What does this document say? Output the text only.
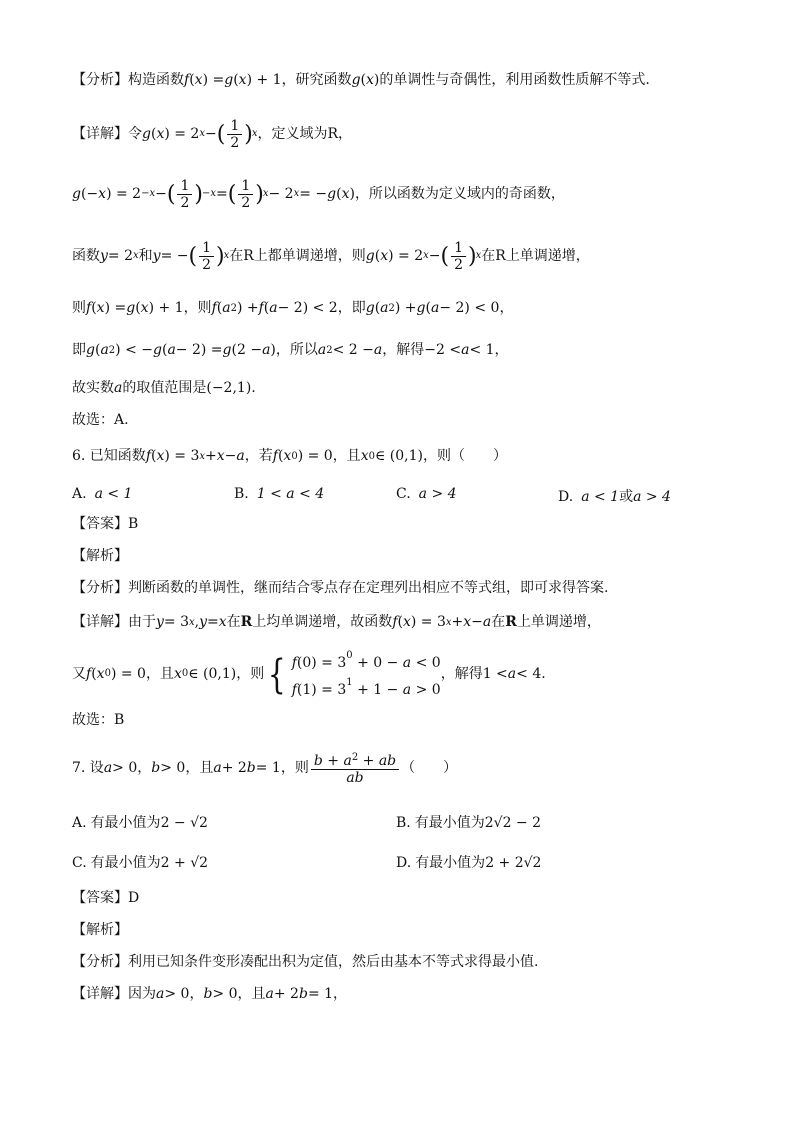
【分析】 构造函数 f ( x ) = g ( x ) + 1 ，研究函数 g ( x ) 的单调性与奇偶性，利用函数性质解不等式.
【详解】 令 g ( x ) = 2 x − ( $\frac{1}{2}$ ) x ，定义域为 R ，
g (− x ) = 2 −x − ( $\frac{1}{2}$ ) −x = ( $\frac{1}{2}$ ) x − 2 x = − g ( x ) ，所以函数为定义域内的奇函数，
函数 y = 2 x 和 y = − ( $\frac{1}{2}$ ) x 在 R 上都单调递增，则 g ( x ) = 2 x − ( $\frac{1}{2}$ ) x 在 R 上单调递增，
则 f ( x ) = g ( x ) + 1 ，则 f ( a 2 ) + f ( a − 2) < 2 ，即 g ( a 2 ) + g ( a − 2) < 0 ，
即 g ( a 2 ) < − g ( a − 2) = g (2 − a ) ，所以 a 2 < 2 − a ，解得 −2 < a < 1 ，
故实数 a 的取值范围是 (−2,1) .
故选：A.
6. 已知函数 f ( x ) = 3 x + x − a ，若 f ( x 0 ) = 0 ，且 x 0 ∈ (0,1) ，则（　　）
A. a < 1	B. 1 < a < 4	C. a > 4	D. a < 1或a > 4
【答案】B
【解析】
【分析】 判断函数的单调性，继而结合零点存在定理列出相应不等式组，即可求得答案.
【详解】 由于 y = 3 x , y = x 在 R 上均单调递增，故函数 f ( x ) = 3 x + x − a 在 R 上单调递增，
又 f ( x 0 ) = 0 ，且 x 0 ∈ (0,1) ，则 { $f(0) = 3^0 + 0 - a < 0$
$f(1) = 3^1 + 1 - a > 0$
，解得 1 < a < 4 .
故选：B
7. 设 a > 0 ， b > 0 ，且 a + 2 b = 1 ，则 $\frac{b + a^2 + ab}{ab}$ （　　）
A. 有最小值为2 − √2	B. 有最小值为2√2 − 2
C. 有最小值为2 + √2	D. 有最小值为2 + 2√2
【答案】D
【解析】
【分析】 利用已知条件变形凑配出积为定值，然后由基本不等式求得最小值.
【详解】 因为 a > 0 ， b > 0 ，且 a + 2 b = 1 ，
